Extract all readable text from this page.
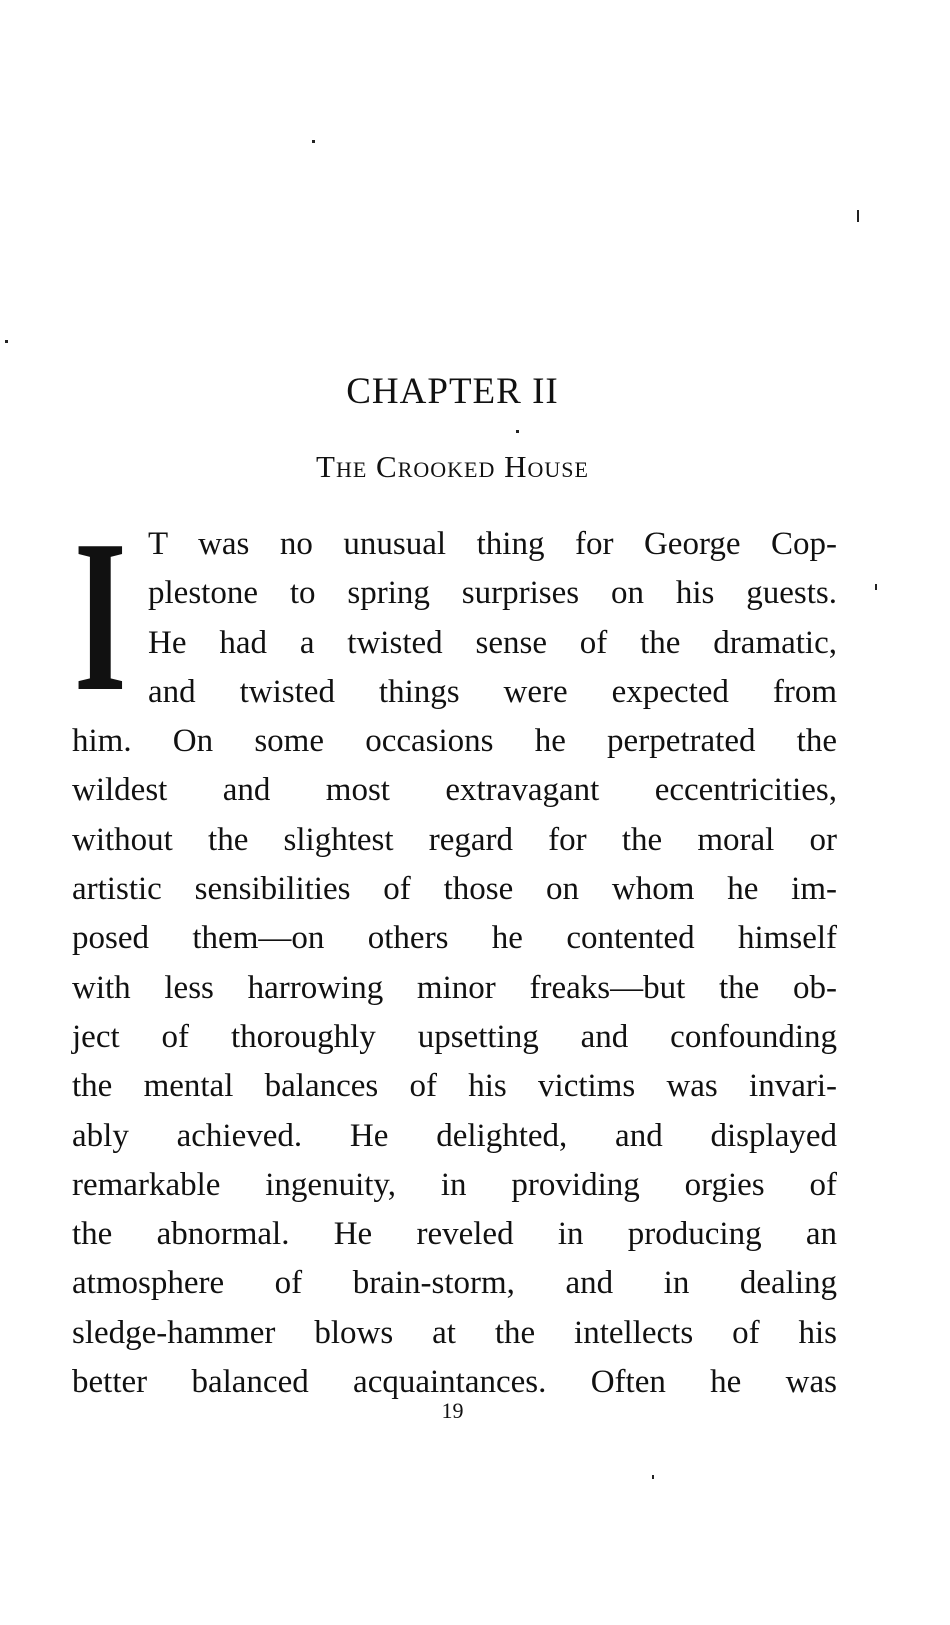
CHAPTER II
The Crooked House
I T was no unusual thing for George Cop-
plestone to spring surprises on his guests.
He had a twisted sense of the dramatic,
and twisted things were expected from
him. On some occasions he perpetrated the
wildest and most extravagant eccentricities,
without the slightest regard for the moral or
artistic sensibilities of those on whom he im-
posed them—on others he contented himself
with less harrowing minor freaks—but the ob-
ject of thoroughly upsetting and confounding
the mental balances of his victims was invari-
ably achieved. He delighted, and displayed
remarkable ingenuity, in providing orgies of
the abnormal. He reveled in producing an
atmosphere of brain-storm, and in dealing
sledge-hammer blows at the intellects of his
better balanced acquaintances. Often he was
19
